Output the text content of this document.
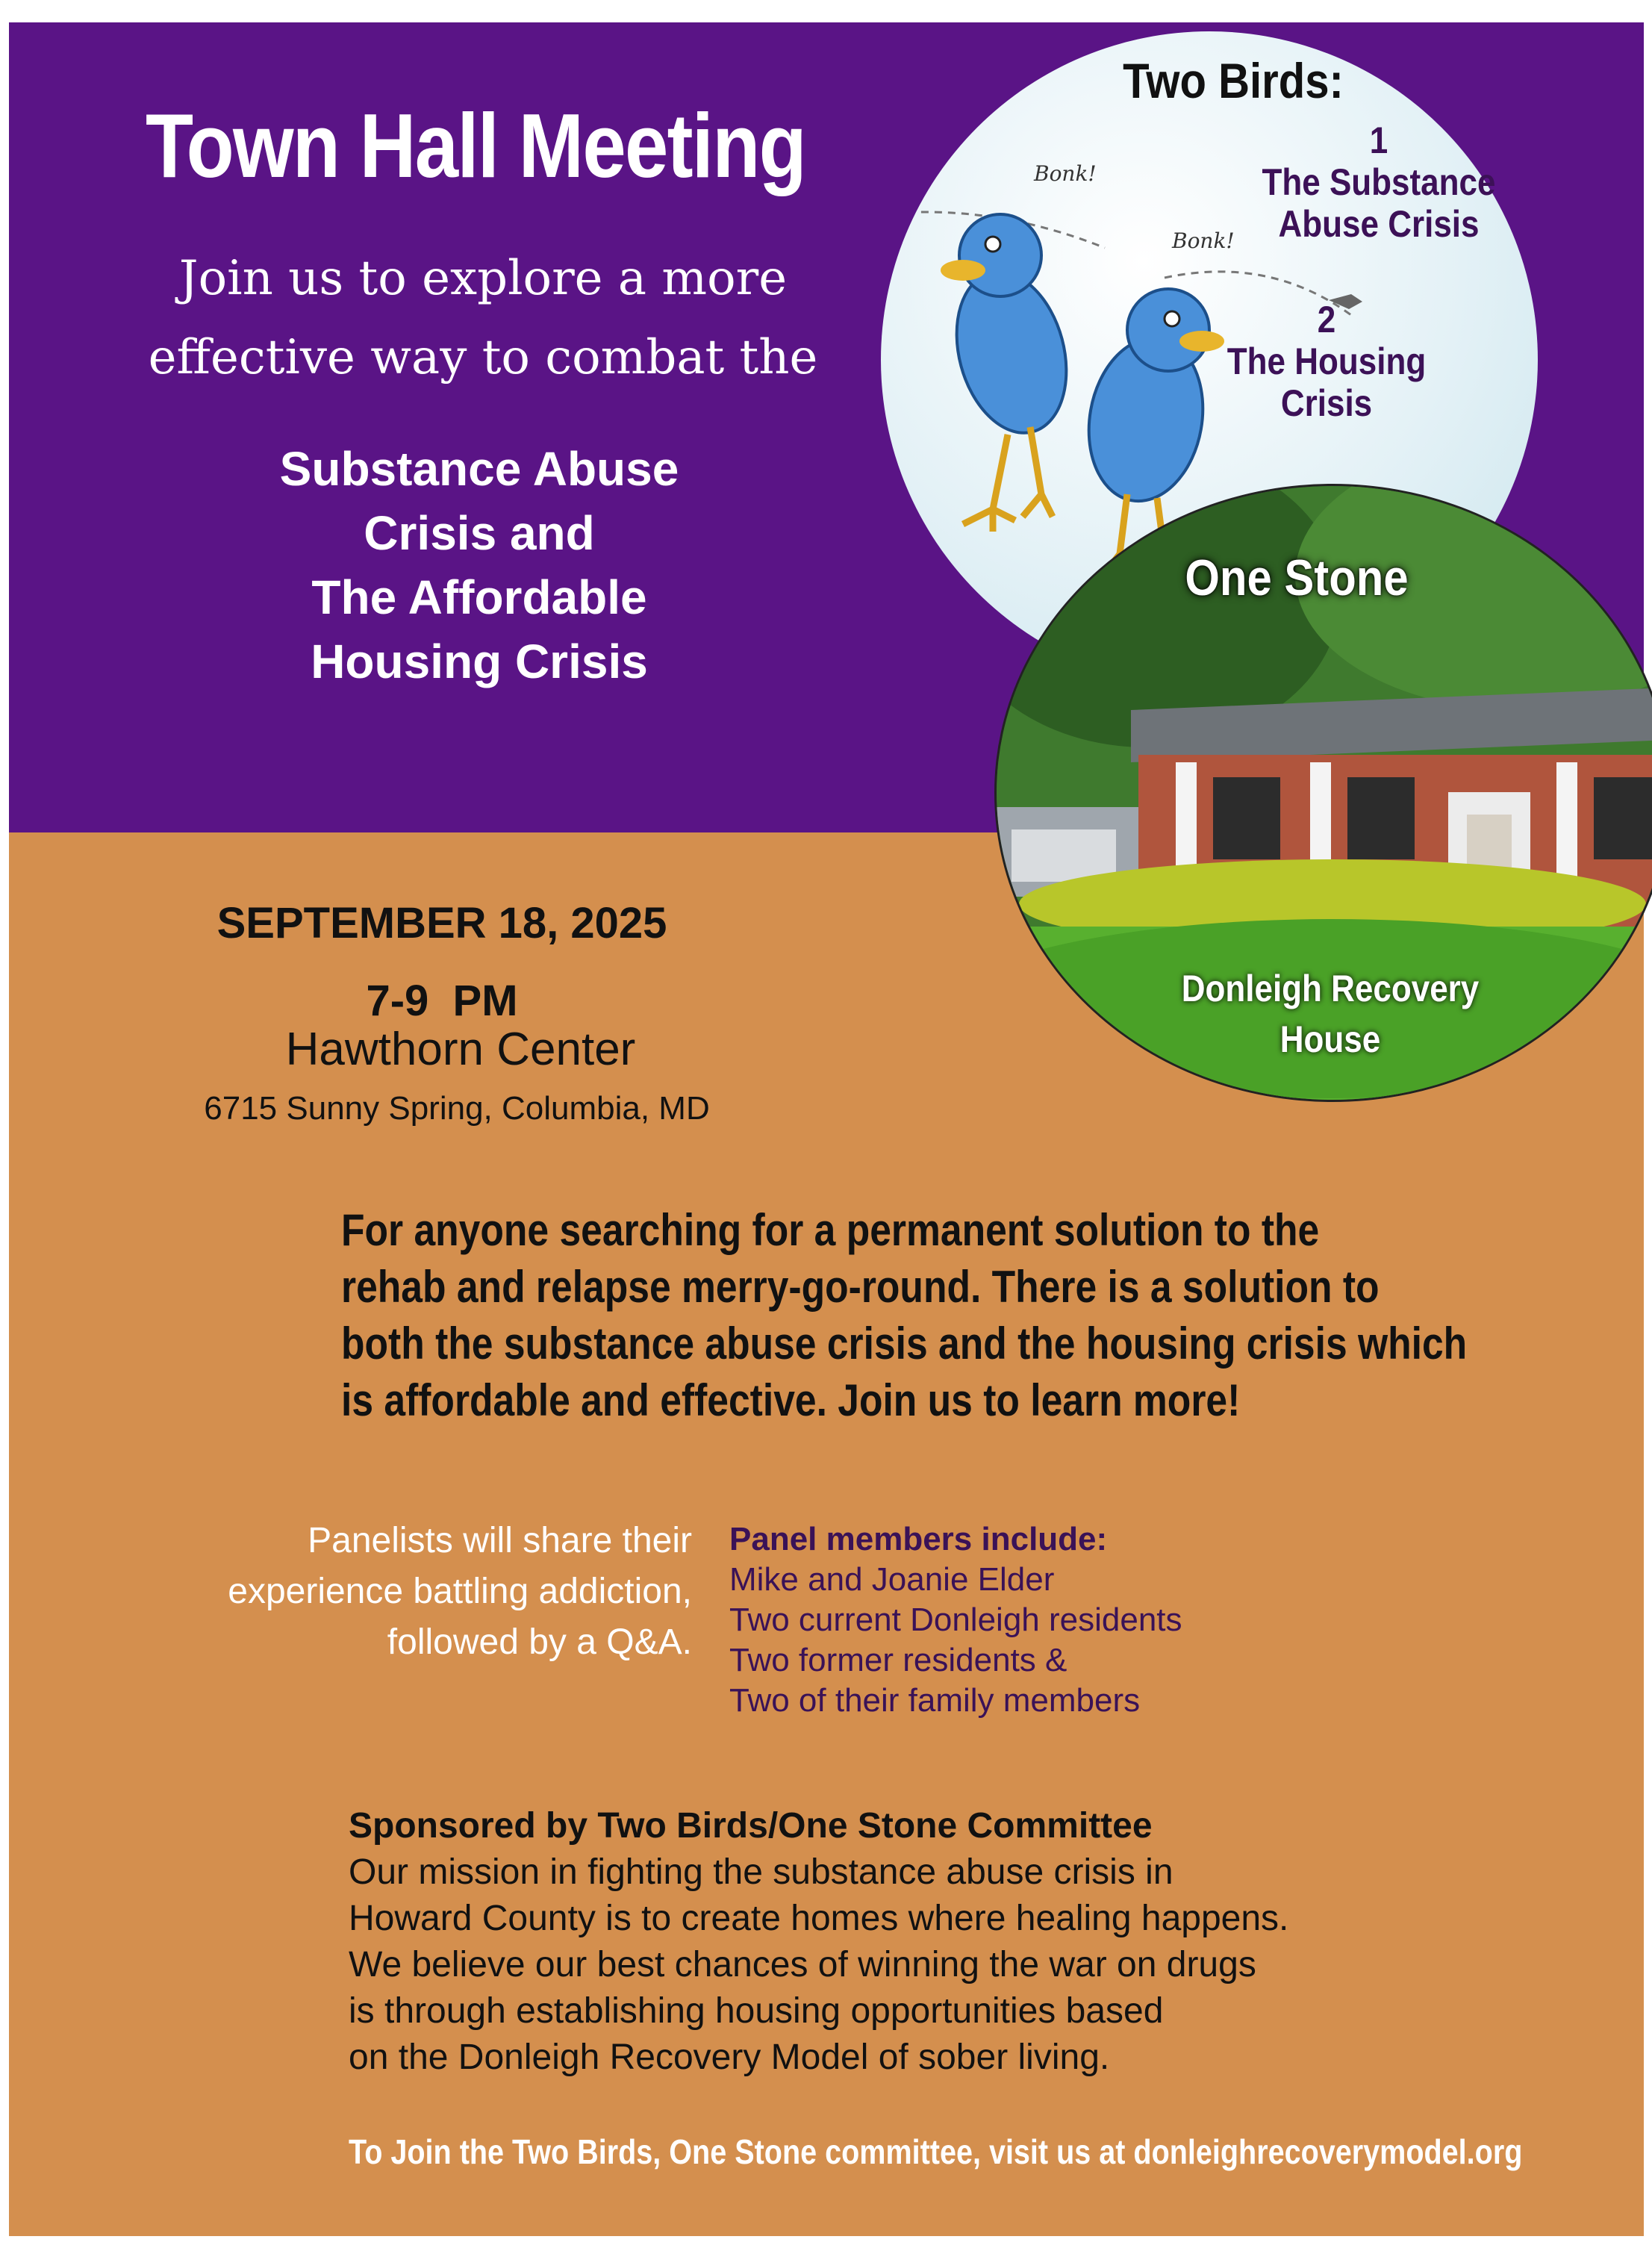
Town Hall Meeting
Join us to explore a more
effective way to combat the
Substance Abuse
Crisis and
The Affordable
Housing Crisis
Bonk!
Bonk!
Two Birds:
1
The Substance
Abuse Crisis
2
The Housing
Crisis
One Stone
Donleigh Recovery
House
SEPTEMBER 18, 2025
7-9  PM
Hawthorn Center
6715 Sunny Spring, Columbia, MD
For anyone searching for a permanent solution to the
rehab and relapse merry-go-round. There is a solution to
both the substance abuse crisis and the housing crisis which
is affordable and effective. Join us to learn more!
Panelists will share their
experience battling addiction,
followed by a Q&A.
Panel members include:
Mike and Joanie Elder
Two current Donleigh residents
Two former residents &
Two of their family members
Sponsored by Two Birds/One Stone Committee
Our mission in fighting the substance abuse crisis in
Howard County is to create homes where healing happens.
We believe our best chances of winning the war on drugs
is through establishing housing opportunities based
on the Donleigh Recovery Model of sober living.
To Join the Two Birds, One Stone committee, visit us at donleighrecoverymodel.org
